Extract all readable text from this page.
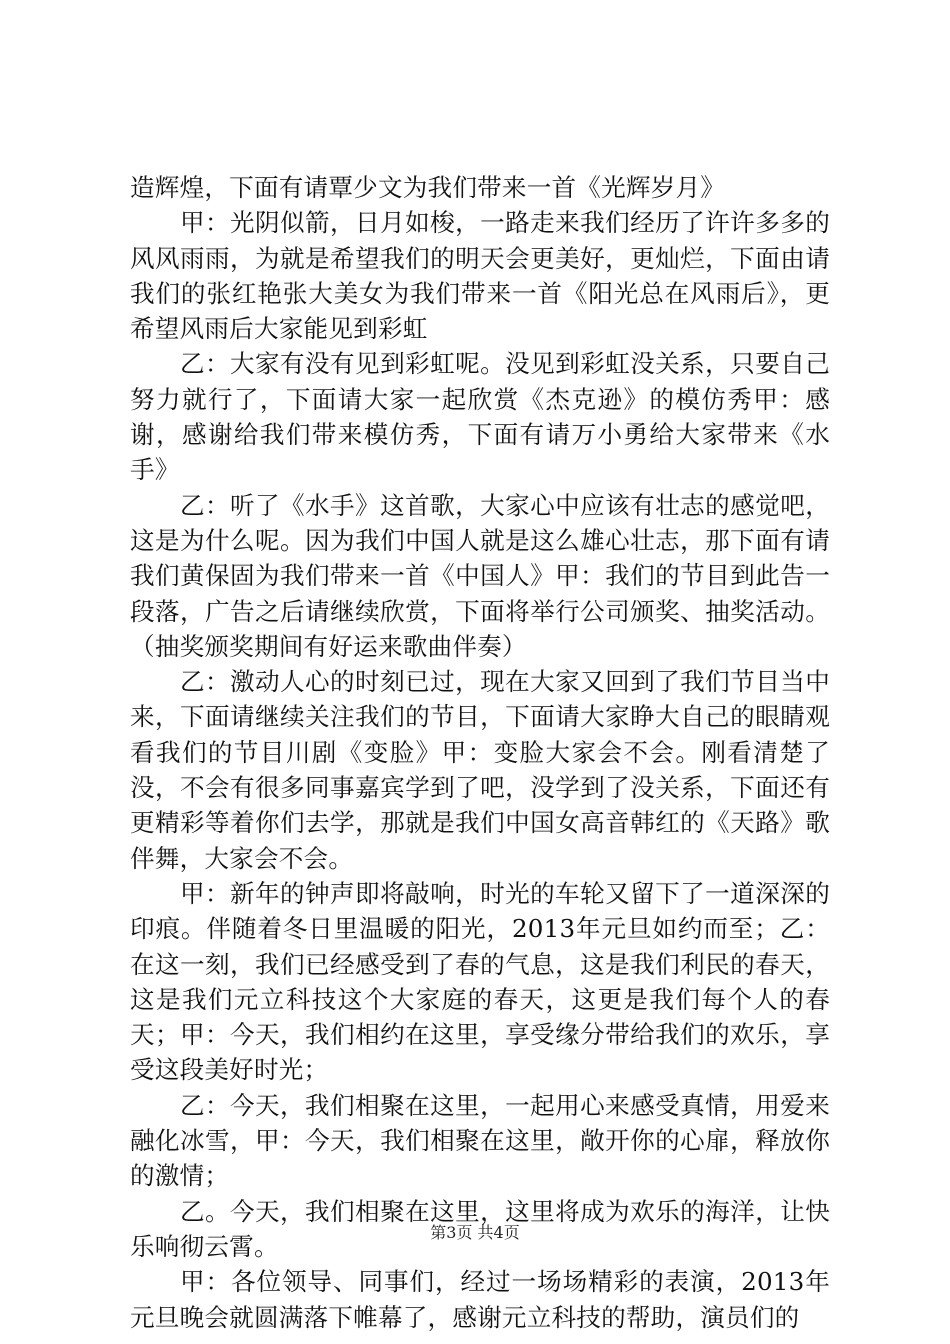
造辉煌，下面有请覃少文为我们带来一首《光辉岁月》

甲：光阴似箭，日月如梭，一路走来我们经历了许许多多的风风雨雨，为就是希望我们的明天会更美好，更灿烂，下面由请我们的张红艳张大美女为我们带来一首《阳光总在风雨后》，更希望风雨后大家能见到彩虹

乙：大家有没有见到彩虹呢。没见到彩虹没关系，只要自己努力就行了，下面请大家一起欣赏《杰克逊》的模仿秀甲：感谢，感谢给我们带来模仿秀，下面有请万小勇给大家带来《水手》

乙：听了《水手》这首歌，大家心中应该有壮志的感觉吧，这是为什么呢。因为我们中国人就是这么雄心壮志，那下面有请我们黄保固为我们带来一首《中国人》甲：我们的节目到此告一段落，广告之后请继续欣赏，下面将举行公司颁奖、抽奖活动。（抽奖颁奖期间有好运来歌曲伴奏）

乙：激动人心的时刻已过，现在大家又回到了我们节目当中来，下面请继续关注我们的节目，下面请大家睁大自己的眼睛观看我们的节目川剧《变脸》甲：变脸大家会不会。刚看清楚了没，不会有很多同事嘉宾学到了吧，没学到了没关系，下面还有更精彩等着你们去学，那就是我们中国女高音韩红的《天路》歌伴舞，大家会不会。

甲：新年的钟声即将敲响，时光的车轮又留下了一道深深的印痕。伴随着冬日里温暖的阳光，2013年元旦如约而至；乙：在这一刻，我们已经感受到了春的气息，这是我们利民的春天，这是我们元立科技这个大家庭的春天，这更是我们每个人的春天；甲：今天，我们相约在这里，享受缘分带给我们的欢乐，享受这段美好时光；

乙：今天，我们相聚在这里，一起用心来感受真情，用爱来融化冰雪，甲：今天，我们相聚在这里，敞开你的心扉，释放你的激情；

乙。今天，我们相聚在这里，这里将成为欢乐的海洋，让快乐响彻云霄。

甲：各位领导、同事们，经过一场场精彩的表演，2013年元旦晚会就圆满落下帷幕了，感谢元立科技的帮助，演员们的

第3页 共4页
